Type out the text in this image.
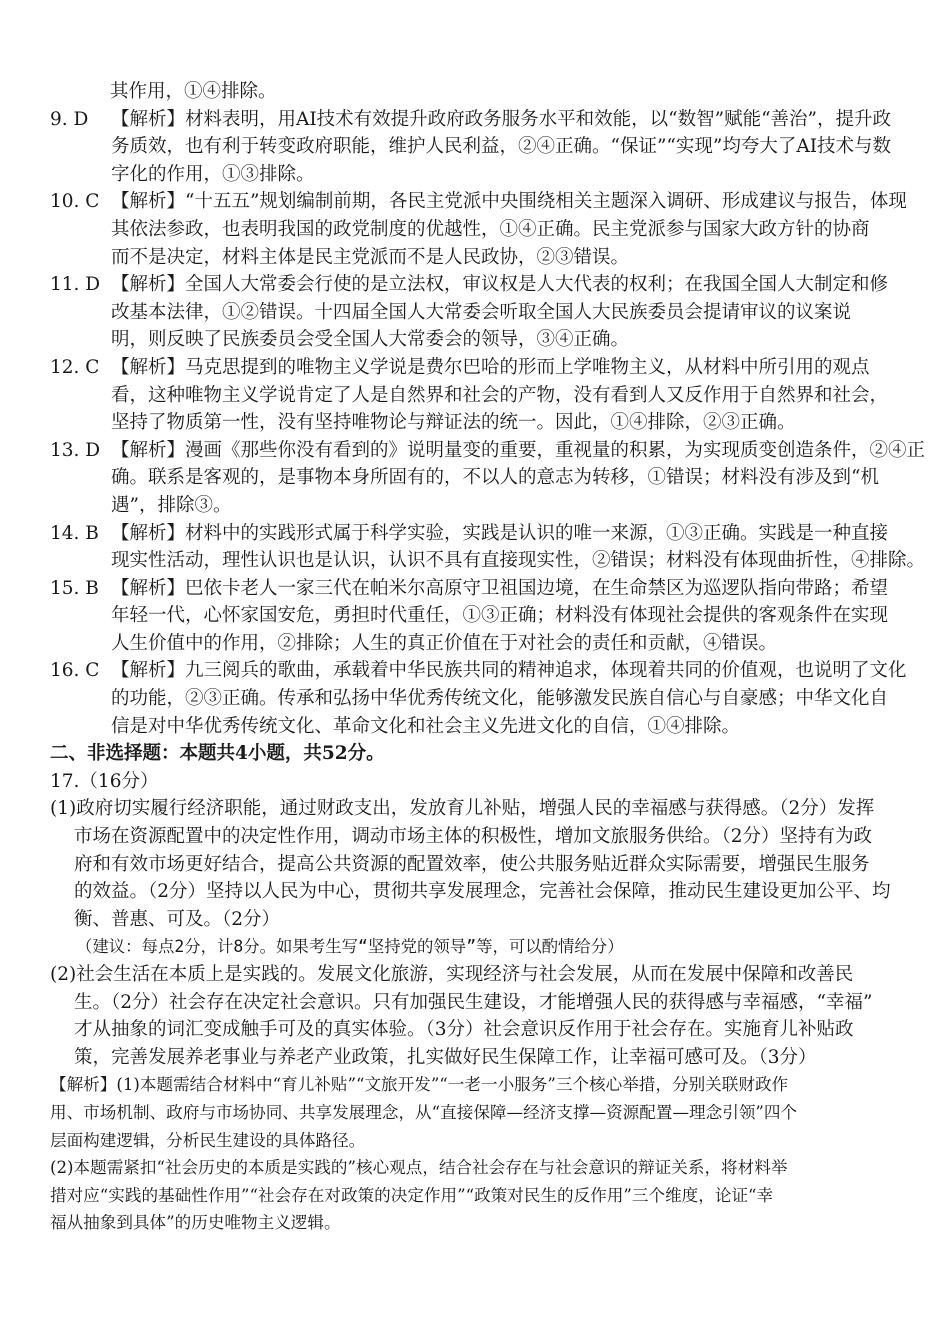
其作用，①④排除。
9. D	【解析】材料表明，用AI技术有效提升政府政务服务水平和效能，以“数智”赋能“善治”，提升政
务质效，也有利于转变政府职能，维护人民利益，②④正确。“保证”“实现”均夸大了AI技术与数
字化的作用，①③排除。
10. C 【解析】“十五五”规划编制前期，各民主党派中央围绕相关主题深入调研、形成建议与报告，体现
其依法参政，也表明我国的政党制度的优越性，①④正确。民主党派参与国家大政方针的协商
而不是决定，材料主体是民主党派而不是人民政协，②③错误。
11. D 【解析】全国人大常委会行使的是立法权，审议权是人大代表的权利；在我国全国人大制定和修
改基本法律，①②错误。十四届全国人大常委会听取全国人大民族委员会提请审议的议案说
明，则反映了民族委员会受全国人大常委会的领导，③④正确。
12. C 【解析】马克思提到的唯物主义学说是费尔巴哈的形而上学唯物主义，从材料中所引用的观点
看，这种唯物主义学说肯定了人是自然界和社会的产物，没有看到人又反作用于自然界和社会，
坚持了物质第一性，没有坚持唯物论与辩证法的统一。因此，①④排除，②③正确。
13. D 【解析】漫画《那些你没有看到的》说明量变的重要，重视量的积累，为实现质变创造条件，②④正
确。联系是客观的，是事物本身所固有的，不以人的意志为转移，①错误；材料没有涉及到“机
遇”，排除③。
14. B 【解析】材料中的实践形式属于科学实验，实践是认识的唯一来源，①③正确。实践是一种直接
现实性活动，理性认识也是认识，认识不具有直接现实性，②错误；材料没有体现曲折性，④排除。
15. B 【解析】巴依卡老人一家三代在帕米尔高原守卫祖国边境，在生命禁区为巡逻队指向带路；希望
年轻一代，心怀家国安危，勇担时代重任，①③正确；材料没有体现社会提供的客观条件在实现
人生价值中的作用，②排除；人生的真正价值在于对社会的责任和贡献，④错误。
16. C 【解析】九三阅兵的歌曲，承载着中华民族共同的精神追求，体现着共同的价值观，也说明了文化
的功能，②③正确。传承和弘扬中华优秀传统文化，能够激发民族自信心与自豪感；中华文化自
信是对中华优秀传统文化、革命文化和社会主义先进文化的自信，①④排除。
二、非选择题：本题共4小题，共52分。
17.（16分）
(1)政府切实履行经济职能，通过财政支出，发放育儿补贴，增强人民的幸福感与获得感。（2分）发挥
市场在资源配置中的决定性作用，调动市场主体的积极性，增加文旅服务供给。（2分）坚持有为政
府和有效市场更好结合，提高公共资源的配置效率，使公共服务贴近群众实际需要，增强民生服务
的效益。（2分）坚持以人民为中心，贯彻共享发展理念，完善社会保障，推动民生建设更加公平、均
衡、普惠、可及。（2分）
（建议：每点2分，计8分。如果考生写“坚持党的领导”等，可以酌情给分）
(2)社会生活在本质上是实践的。发展文化旅游，实现经济与社会发展，从而在发展中保障和改善民
生。（2分）社会存在决定社会意识。只有加强民生建设，才能增强人民的获得感与幸福感，“幸福”
才从抽象的词汇变成触手可及的真实体验。（3分）社会意识反作用于社会存在。实施育儿补贴政
策，完善发展养老事业与养老产业政策，扎实做好民生保障工作，让幸福可感可及。（3分）
【解析】(1)本题需结合材料中“育儿补贴”“文旅开发”“一老一小服务”三个核心举措，分别关联财政作
用、市场机制、政府与市场协同、共享发展理念，从“直接保障—经济支撑—资源配置—理念引领”四个
层面构建逻辑，分析民生建设的具体路径。
(2)本题需紧扣“社会历史的本质是实践的”核心观点，结合社会存在与社会意识的辩证关系，将材料举
措对应“实践的基础性作用”“社会存在对政策的决定作用”“政策对民生的反作用”三个维度，论证“幸
福从抽象到具体”的历史唯物主义逻辑。
